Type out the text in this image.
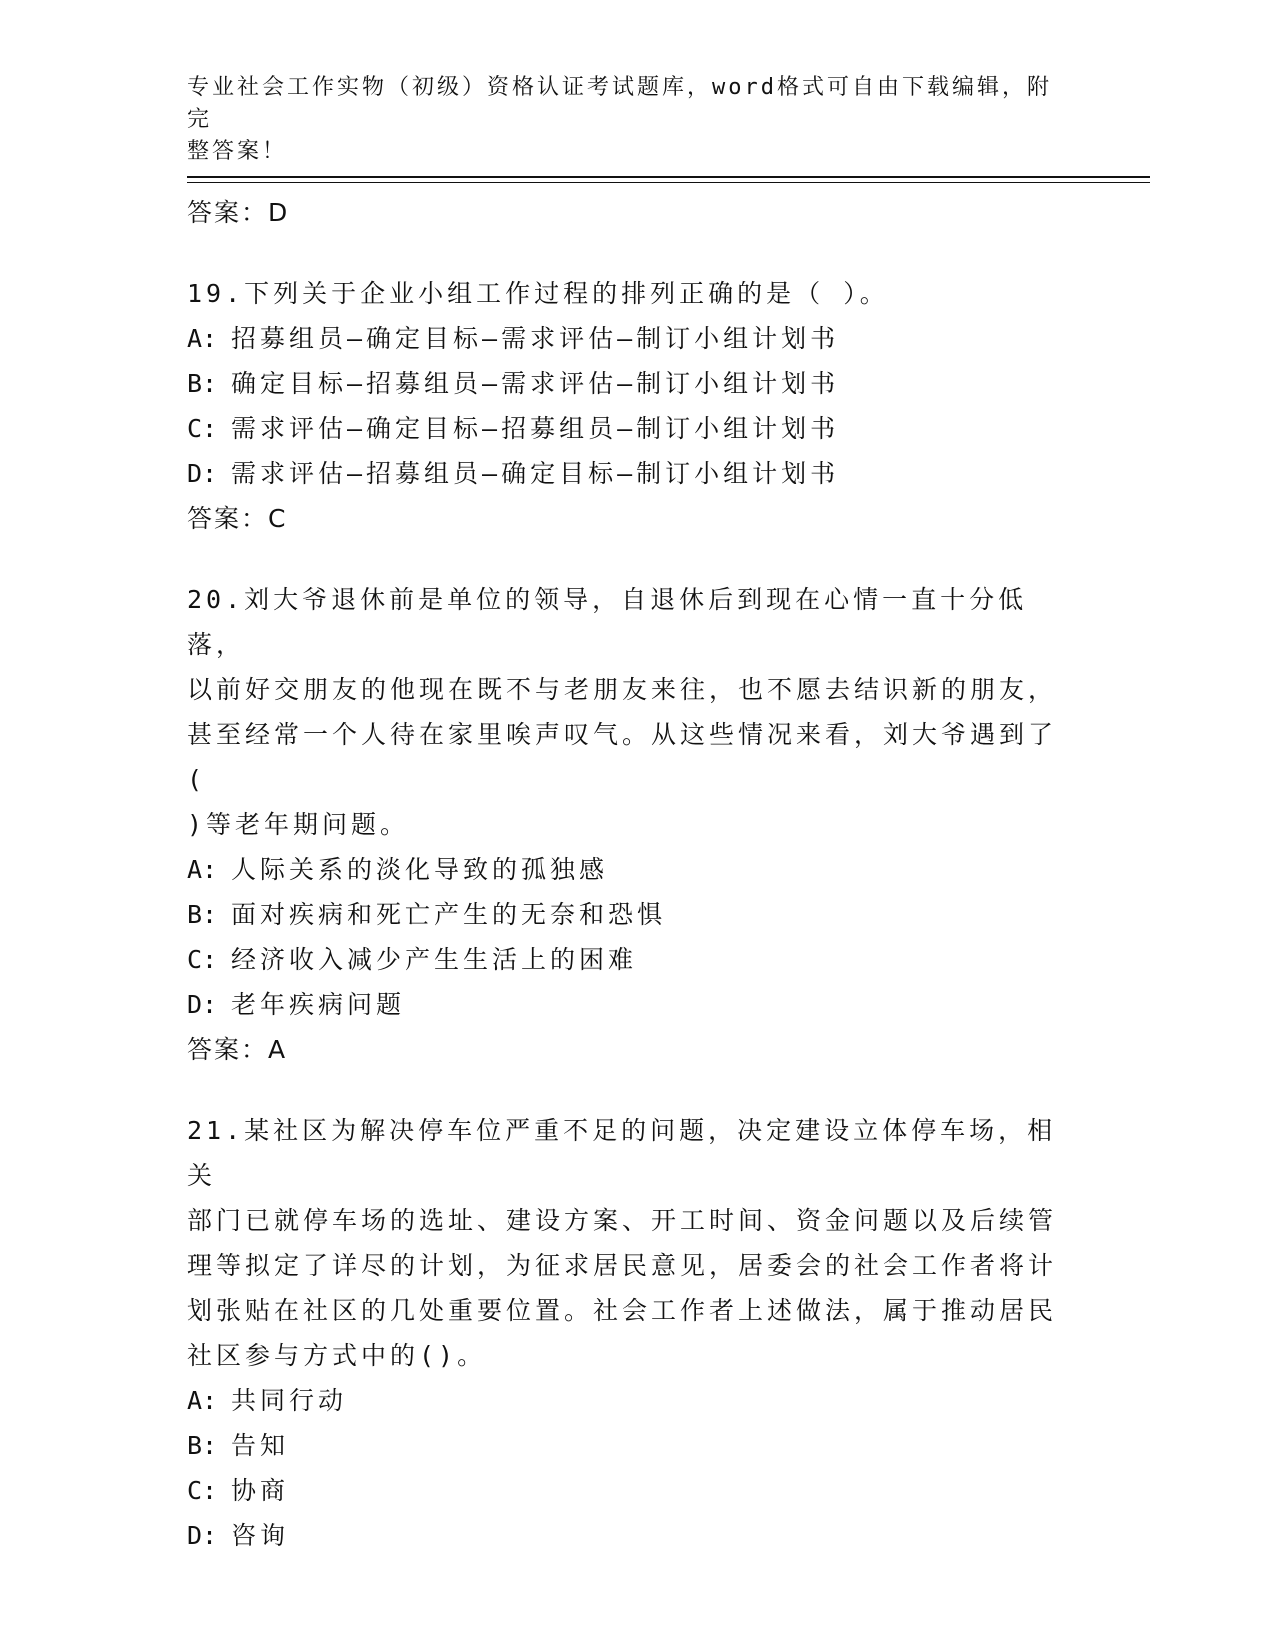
专业社会工作实物（初级）资格认证考试题库，word格式可自由下载编辑，附完
整答案！
答案：D
19.下列关于企业小组工作过程的排列正确的是（ ）。
A: 招募组员—确定目标—需求评估—制订小组计划书
B: 确定目标—招募组员—需求评估—制订小组计划书
C: 需求评估—确定目标—招募组员—制订小组计划书
D: 需求评估—招募组员—确定目标—制订小组计划书
答案：C
20.刘大爷退休前是单位的领导，自退休后到现在心情一直十分低落，
以前好交朋友的他现在既不与老朋友来往，也不愿去结识新的朋友，
甚至经常一个人待在家里唉声叹气。从这些情况来看，刘大爷遇到了(
)等老年期问题。
A: 人际关系的淡化导致的孤独感
B: 面对疾病和死亡产生的无奈和恐惧
C: 经济收入减少产生生活上的困难
D: 老年疾病问题
答案：A
21.某社区为解决停车位严重不足的问题，决定建设立体停车场，相关
部门已就停车场的选址、建设方案、开工时间、资金问题以及后续管
理等拟定了详尽的计划，为征求居民意见，居委会的社会工作者将计
划张贴在社区的几处重要位置。社会工作者上述做法，属于推动居民
社区参与方式中的()。
A: 共同行动
B: 告知
C: 协商
D: 咨询
